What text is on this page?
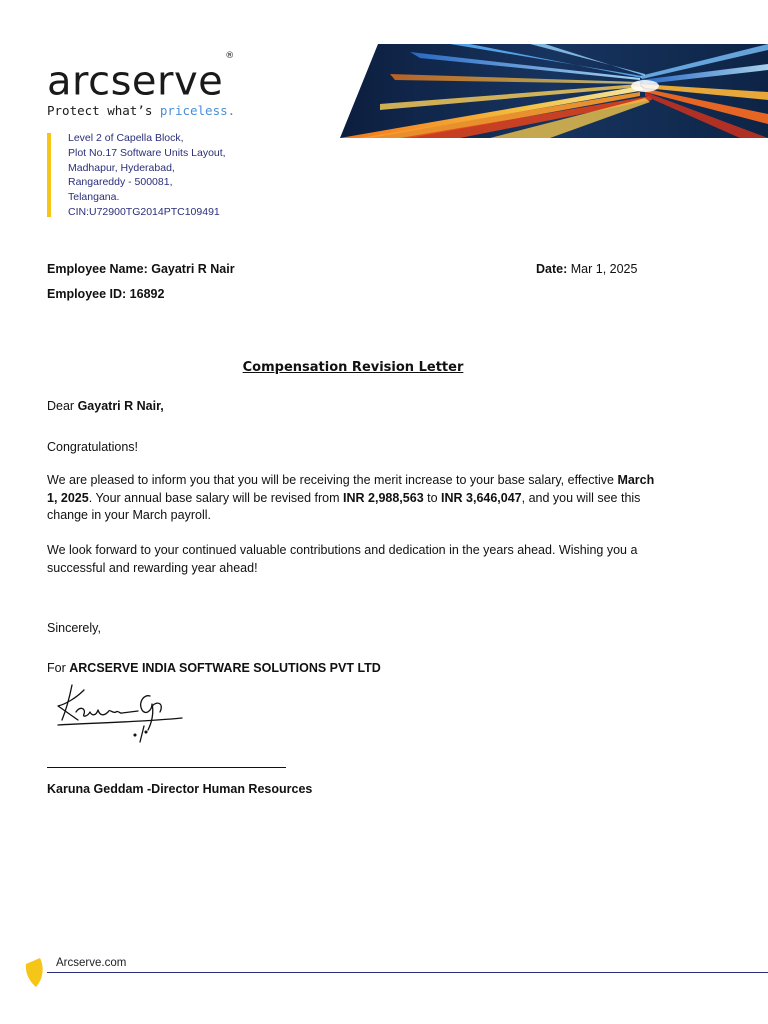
arcserve®
Protect what’s priceless.
Level 2 of Capella Block,
Plot No.17 Software Units Layout,
Madhapur, Hyderabad,
Rangareddy - 500081,
Telangana.
CIN:U72900TG2014PTC109491
Employee Name: Gayatri R Nair	Date: Mar 1, 2025
Employee ID: 16892
Compensation Revision Letter
Dear Gayatri R Nair,
Congratulations!
We are pleased to inform you that you will be receiving the merit increase to your base salary, effective March 1, 2025. Your annual base salary will be revised from INR 2,988,563 to INR 3,646,047, and you will see this change in your March payroll.
We look forward to your continued valuable contributions and dedication in the years ahead. Wishing you a successful and rewarding year ahead!
Sincerely,
For ARCSERVE INDIA SOFTWARE SOLUTIONS PVT LTD
Karuna Geddam -Director Human Resources
Arcserve.com
